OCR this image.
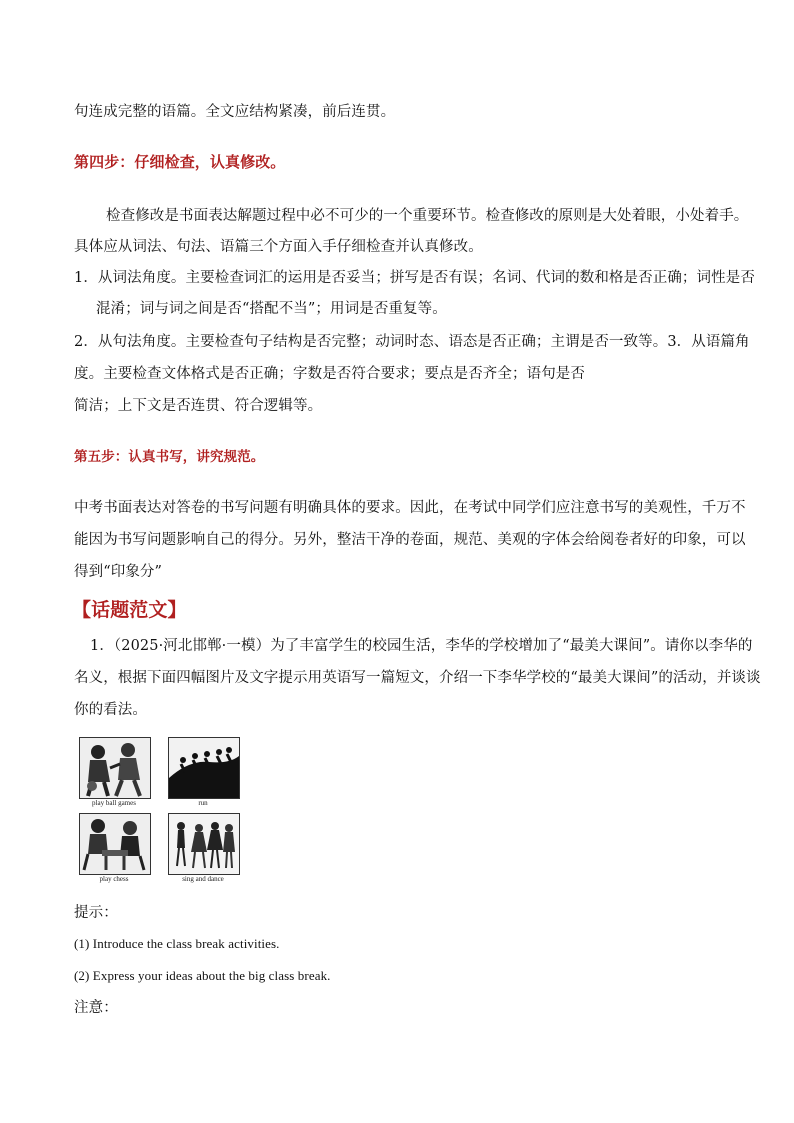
句连成完整的语篇。全文应结构紧凑，前后连贯。
第四步：仔细检查，认真修改。
检查修改是书面表达解题过程中必不可少的一个重要环节。检查修改的原则是大处着眼，小处着手。
具体应从词法、句法、语篇三个方面入手仔细检查并认真修改。
1．从词法角度。主要检查词汇的运用是否妥当；拼写是否有误；名词、代词的数和格是否正确；词性是否
混淆；词与词之间是否“搭配不当”；用词是否重复等。
2．从句法角度。主要检查句子结构是否完整；动词时态、语态是否正确；主谓是否一致等。3．从语篇角
度。主要检查文体格式是否正确；字数是否符合要求；要点是否齐全；语句是否
简洁；上下文是否连贯、符合逻辑等。
第五步：认真书写，讲究规范。
中考书面表达对答卷的书写问题有明确具体的要求。因此，在考试中同学们应注意书写的美观性，千万不
能因为书写问题影响自己的得分。另外，整洁干净的卷面，规范、美观的字体会给阅卷者好的印象，可以
得到“印象分”
【话题范文】
1．（2025·河北邯郸·一模）为了丰富学生的校园生活，李华的学校增加了“最美大课间”。请你以李华的
名义，根据下面四幅图片及文字提示用英语写一篇短文，介绍一下李华学校的“最美大课间”的活动，并谈谈
你的看法。
play ball games	run
play chess	sing and dance
提示：
(1) Introduce the class break activities.
(2) Express your ideas about the big class break.
注意：
